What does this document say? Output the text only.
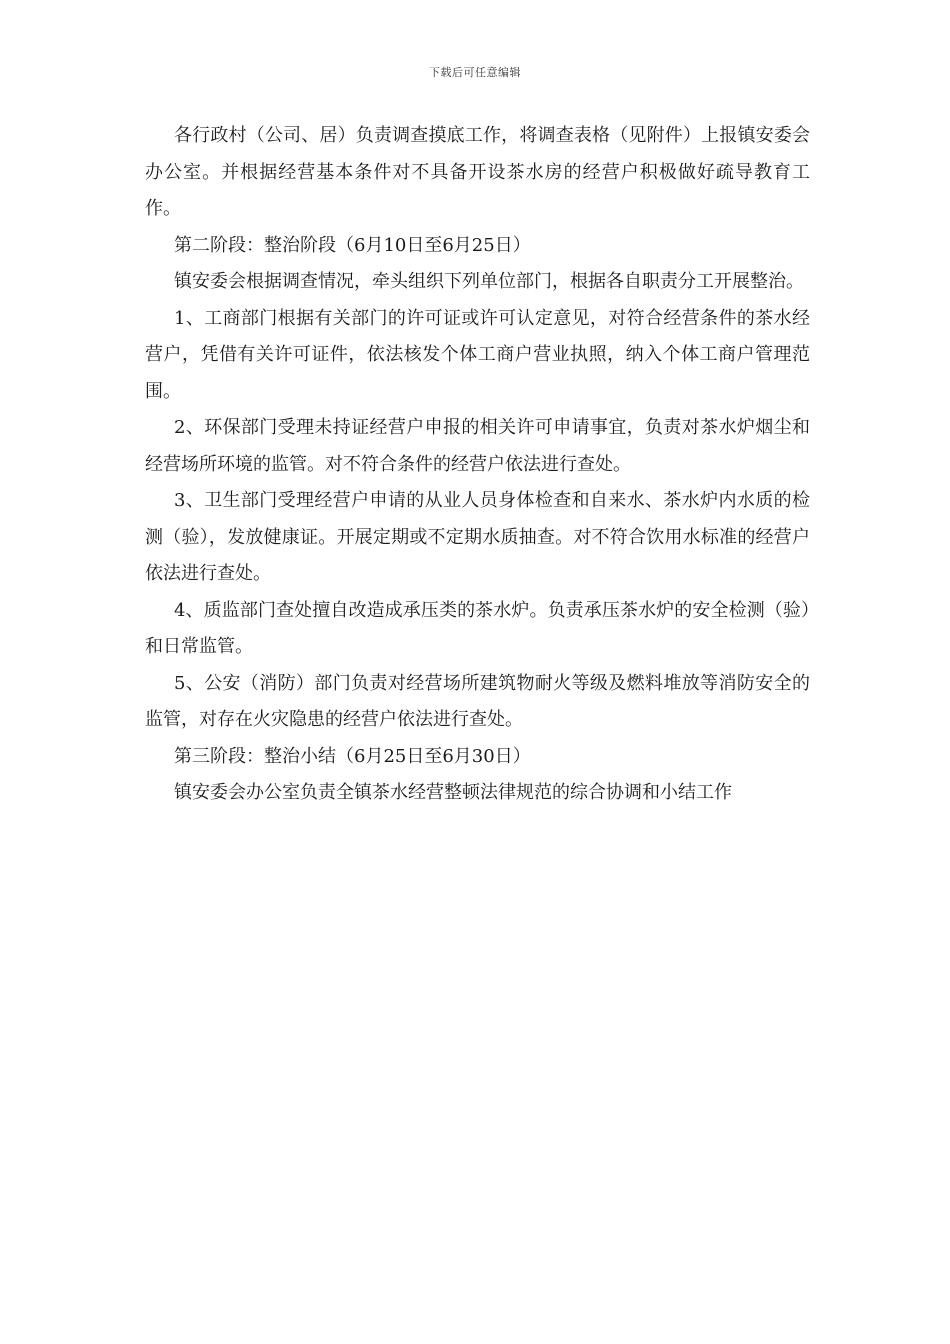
下载后可任意编辑

各行政村（公司、居）负责调查摸底工作，将调查表格（见附件）上报镇安委会办公室。并根据经营基本条件对不具备开设茶水房的经营户积极做好疏导教育工作。

第二阶段：整治阶段（6月10日至6月25日）

镇安委会根据调查情况，牵头组织下列单位部门，根据各自职责分工开展整治。

1、工商部门根据有关部门的许可证或许可认定意见，对符合经营条件的茶水经营户，凭借有关许可证件，依法核发个体工商户营业执照，纳入个体工商户管理范围。

2、环保部门受理未持证经营户申报的相关许可申请事宜，负责对茶水炉烟尘和经营场所环境的监管。对不符合条件的经营户依法进行查处。

3、卫生部门受理经营户申请的从业人员身体检查和自来水、茶水炉内水质的检测（验），发放健康证。开展定期或不定期水质抽查。对不符合饮用水标准的经营户依法进行查处。

4、质监部门查处擅自改造成承压类的茶水炉。负责承压茶水炉的安全检测（验）和日常监管。

5、公安（消防）部门负责对经营场所建筑物耐火等级及燃料堆放等消防安全的监管，对存在火灾隐患的经营户依法进行查处。

第三阶段：整治小结（6月25日至6月30日）

镇安委会办公室负责全镇茶水经营整顿法律规范的综合协调和小结工作
